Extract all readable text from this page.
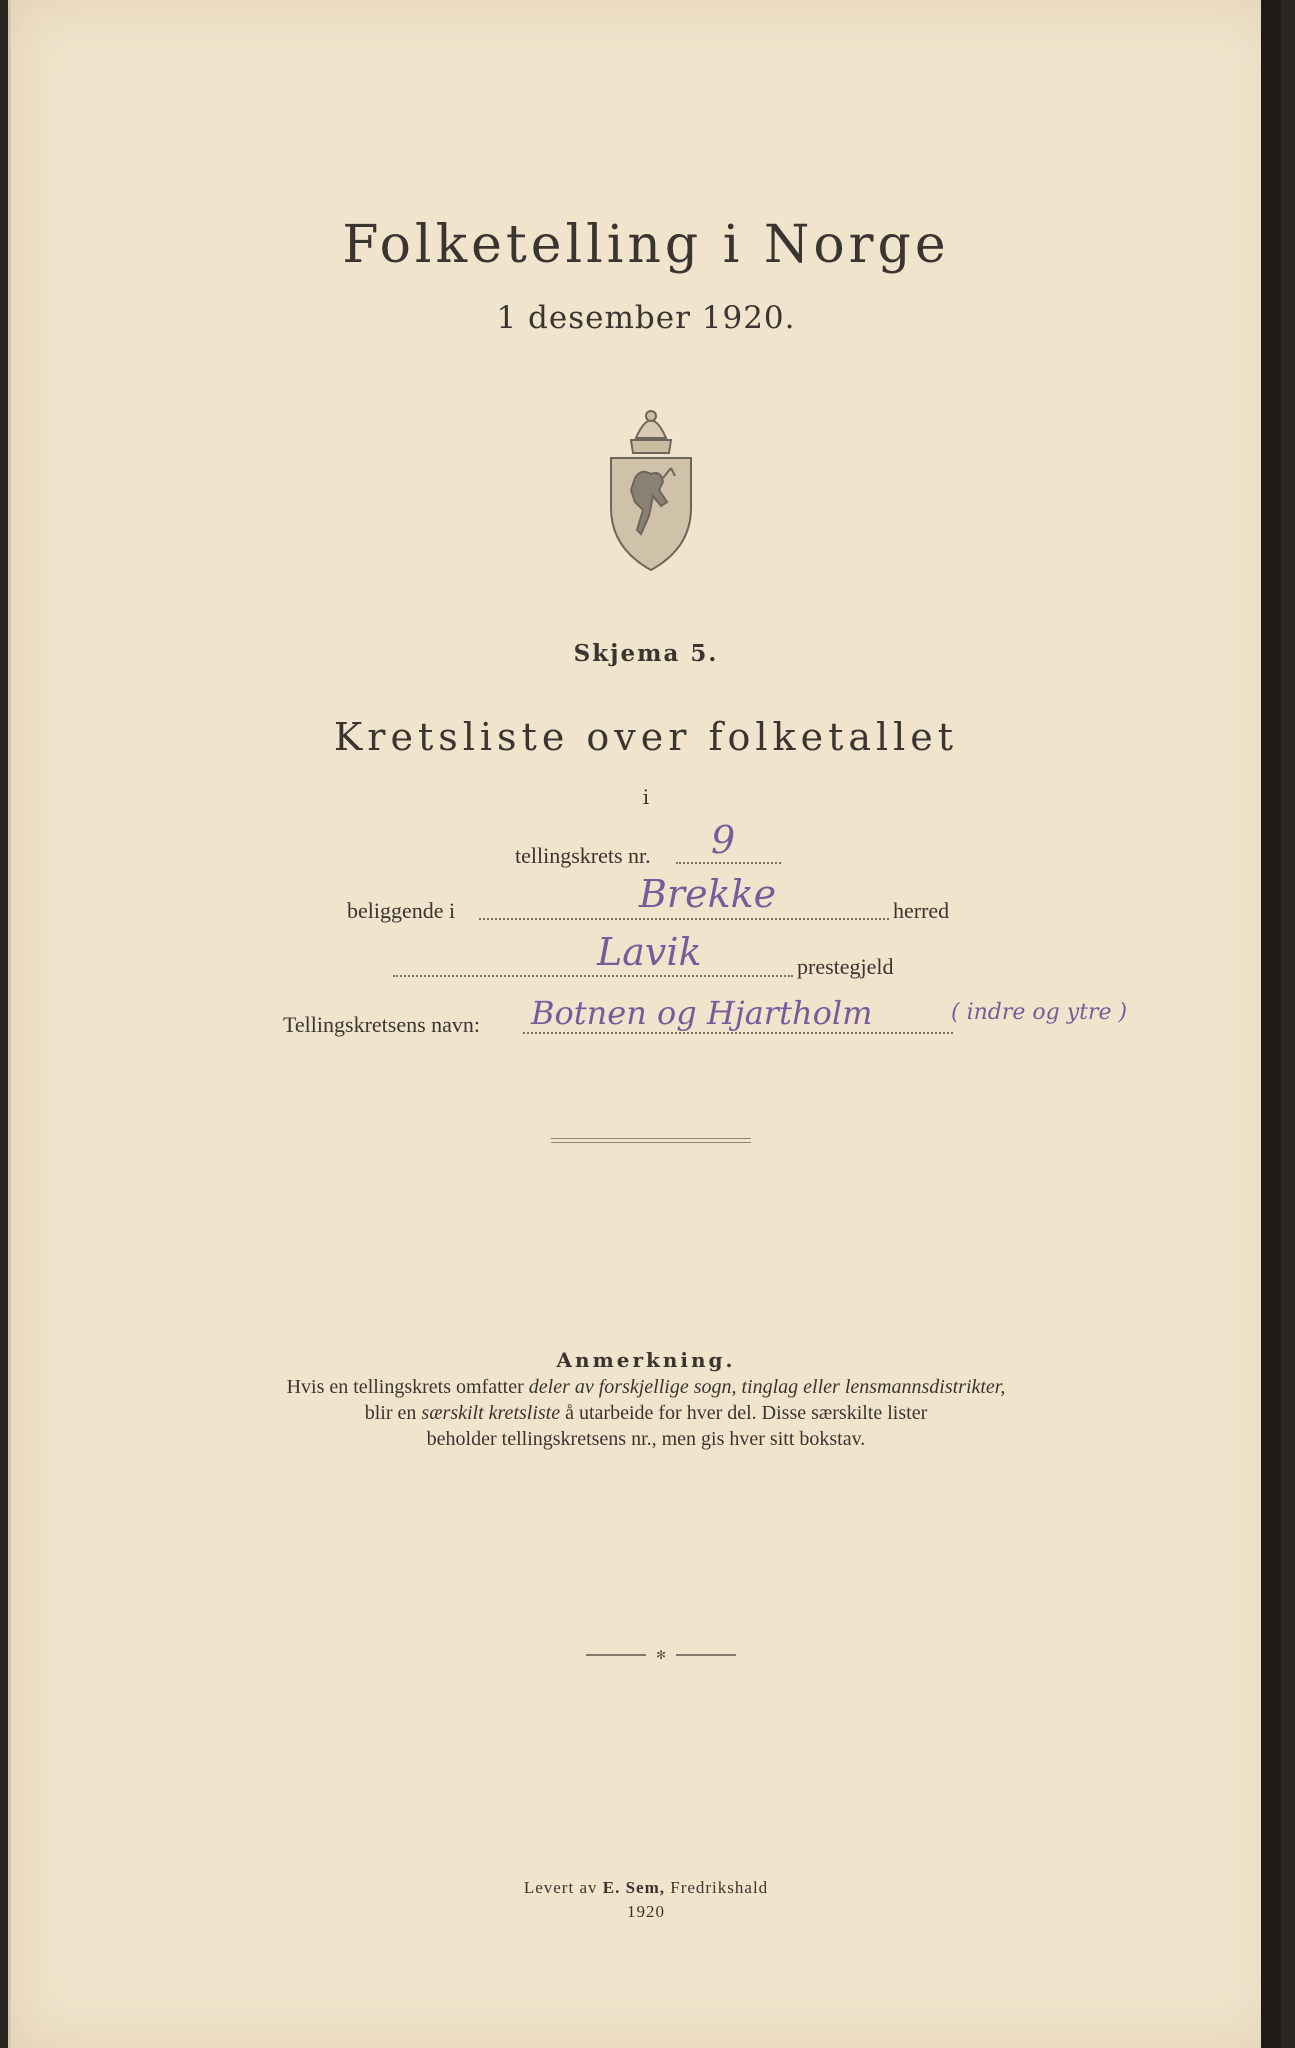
Folketelling i Norge
1 desember 1920.
Skjema 5.
Kretsliste over folketallet
i
tellingskrets nr. 9
beliggende i	Brekke	herred
Lavik	prestegjeld
Tellingskretsens navn: Botnen og Hjartholm	( indre og ytre )
Anmerkning.
Hvis en tellingskrets omfatter deler av forskjellige sogn, tinglag eller lensmannsdistrikter,
blir en særskilt kretsliste å utarbeide for hver del. Disse særskilte lister
beholder tellingskretsens nr., men gis hver sitt bokstav.
✻
Levert av E. Sem, Fredrikshald
1920
